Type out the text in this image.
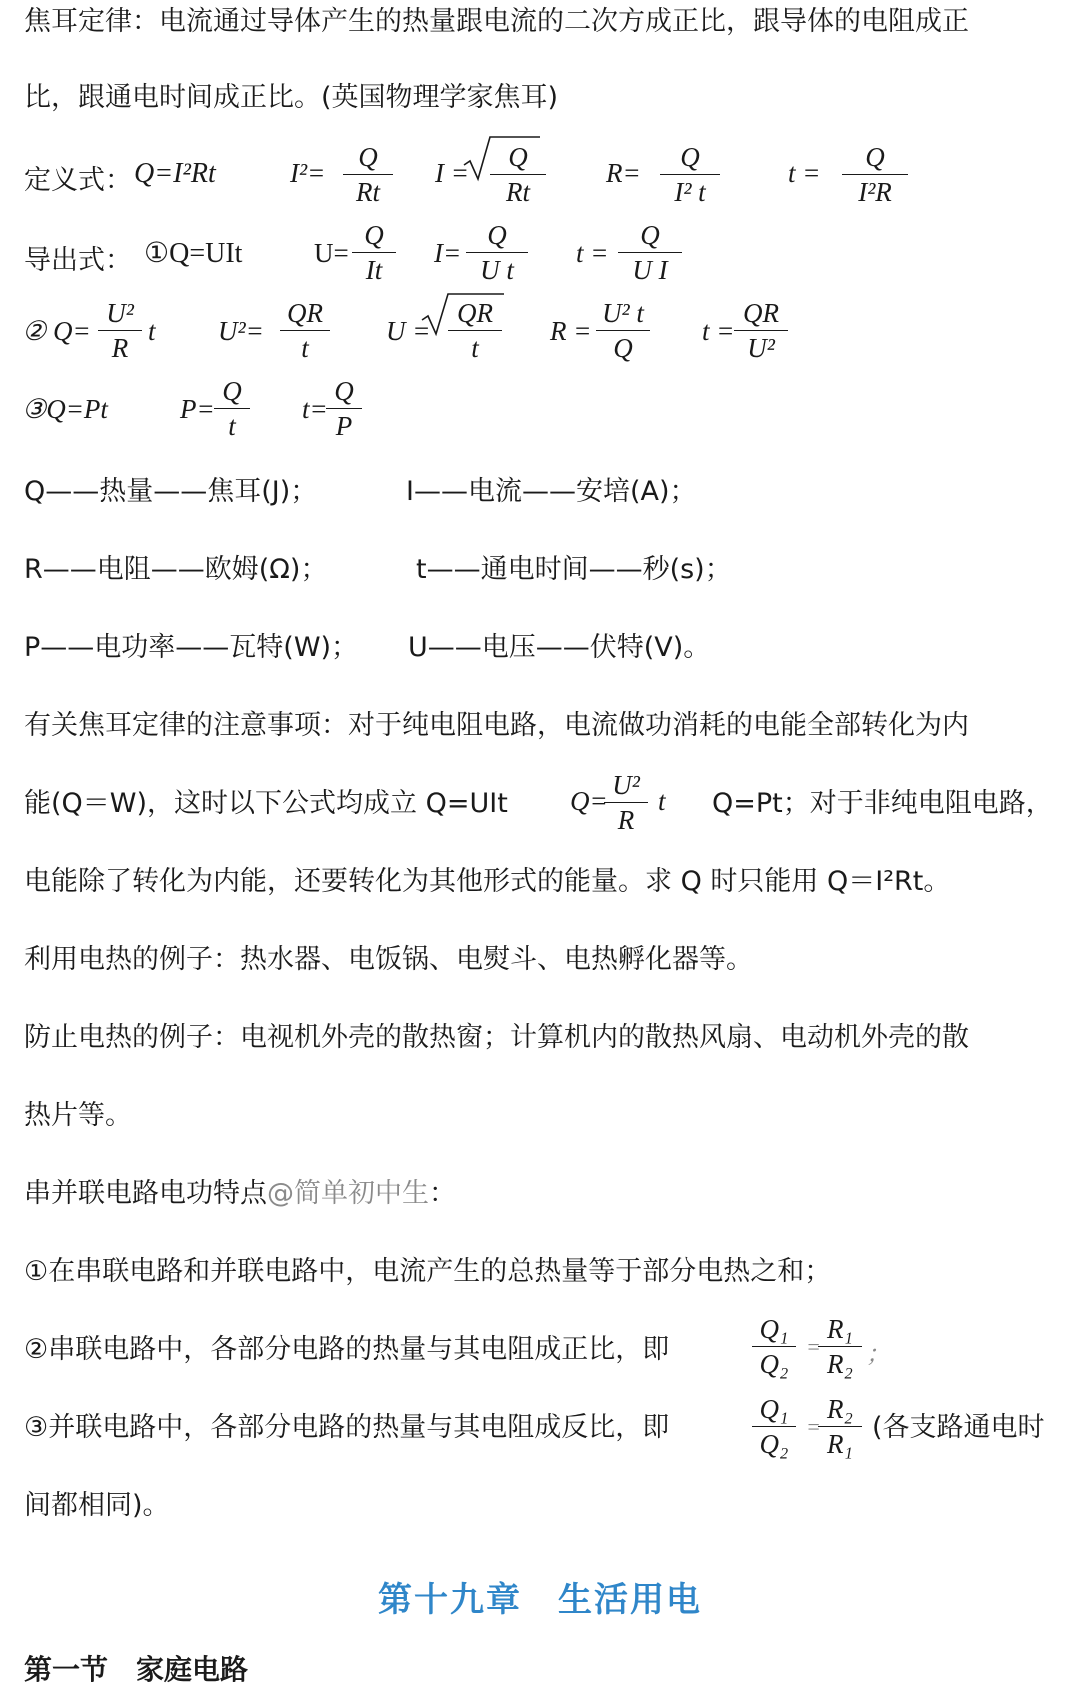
焦耳定律：电流通过导体产生的热量跟电流的二次方成正比，跟导体的电阻成正
比，跟通电时间成正比。(英国物理学家焦耳)
定义式： Q=I²Rt	$I^2= \frac{Q}{Rt}$ $I = \frac{Q}{Rt} R= \frac{Q}{\text{I² t}}$	$t = \frac{Q}{\text{I²R}}$
导出式： ①Q=UIt	$U= \frac{Q}{It} I= \frac{Q}{\text{U t}}$ $t = \frac{Q}{\text{U I}}$
② $Q= \frac{\text{U²}}{R}$ t $U^2= \frac{QR}{t}$ $U = \frac{QR}{t}$ $R = \frac{\text{U² t}}{Q}$ $t = \frac{QR}{\text{U²}}$
③Q=Pt	$P= \frac{Q}{t} t=$
$\frac{Q}{P}$
Q——热量——焦耳(J)；	I——电流——安培(A)；
R——电阻——欧姆(Ω)；	t——通电时间——秒(s)；
P——电功率——瓦特(W)； U——电压——伏特(V)。
有关焦耳定律的注意事项：对于纯电阻电路，电流做功消耗的电能全部转化为内
能(Q＝W)，这时以下公式均成立 Q=UIt Q=
$\frac{\text{U²}}{R}$ t Q=Pt；对于非纯电阻电路，
电能除了转化为内能，还要转化为其他形式的能量。求 Q 时只能用 Q＝I²Rt。
利用电热的例子：热水器、电饭锅、电熨斗、电热孵化器等。
防止电热的例子：电视机外壳的散热窗；计算机内的散热风扇、电动机外壳的散
热片等。
串并联电路电功特点@简单初中生：
①在串联电路和并联电路中，电流产生的总热量等于部分电热之和；
②串联电路中，各部分电路的热量与其电阻成正比，即	$\frac{\text{Q₁}}{\text{Q₂}}$ =
$\frac{\text{R₁}}{\text{R₂}}$ ；
③并联电路中，各部分电路的热量与其电阻成反比，即	$\frac{\text{Q₁}}{\text{Q₂}}$ =
$\frac{\text{R₂}}{\text{R₁}}$ (各支路通电时
间都相同)。
第十九章　生活用电
第一节　家庭电路
